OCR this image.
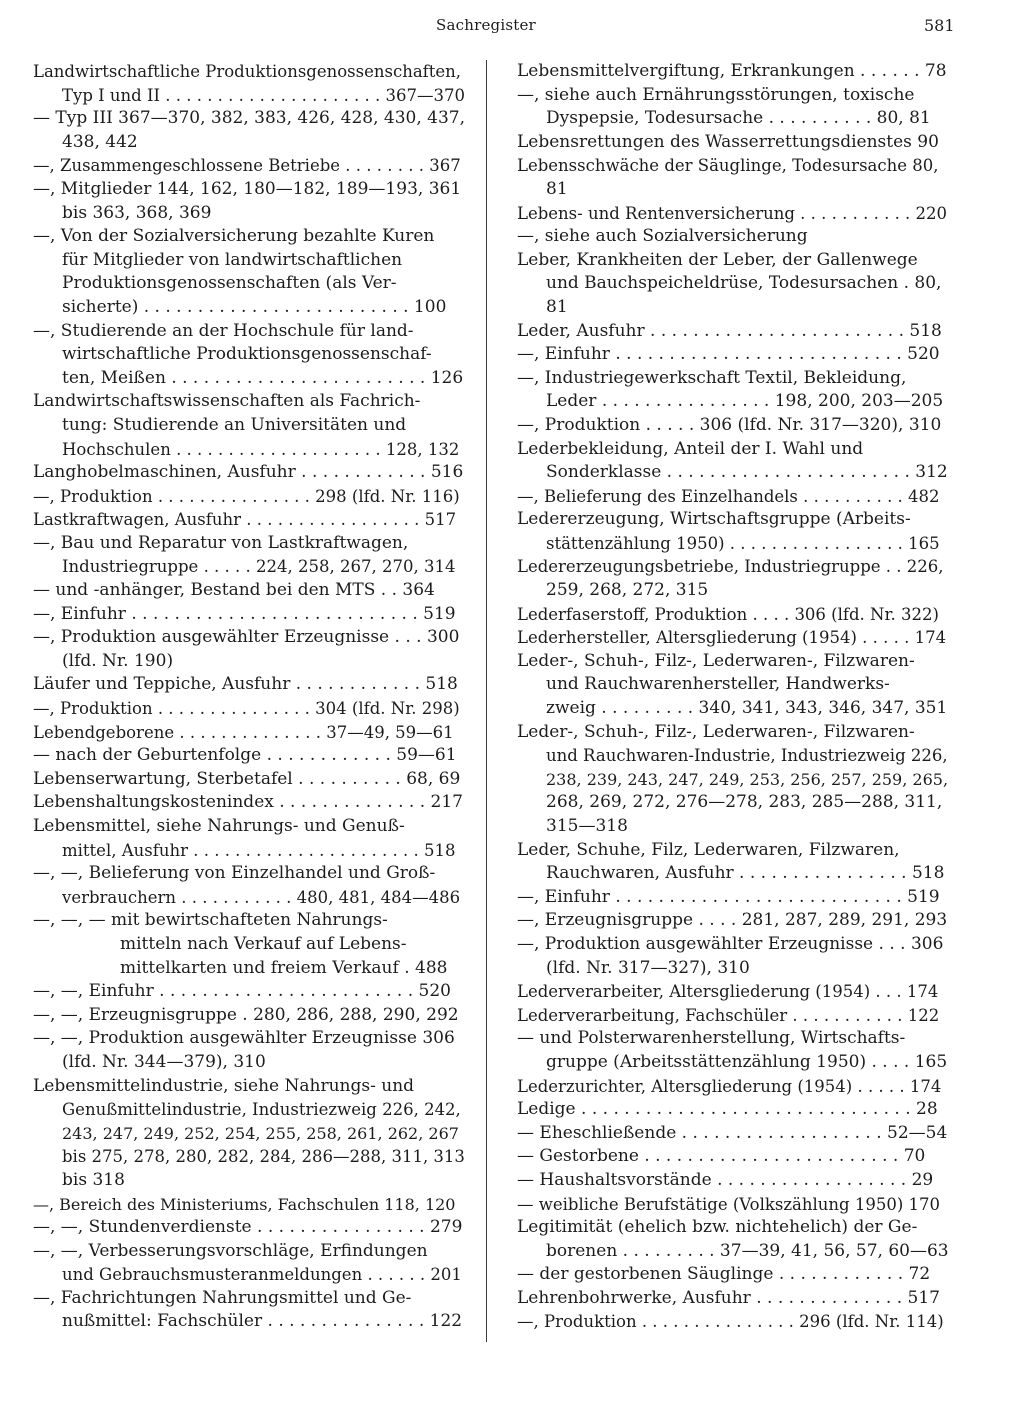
Sachregister	581
Landwirtschaftliche Produktionsgenossenschaften,
Typ I und II . . . . . . . . . . . . . . . . . . . . . 367—370
— Typ III 367—370, 382, 383, 426, 428, 430, 437,
438, 442
—, Zusammengeschlossene Betriebe . . . . . . . . 367
—, Mitglieder 144, 162, 180—182, 189—193, 361
bis 363, 368, 369
—, Von der Sozialversicherung bezahlte Kuren
für Mitglieder von landwirtschaftlichen
Produktionsgenossenschaften (als Ver-
sicherte) . . . . . . . . . . . . . . . . . . . . . . . . . 100
—, Studierende an der Hochschule für land-
wirtschaftliche Produktionsgenossenschaf-
ten, Meißen . . . . . . . . . . . . . . . . . . . . . . . . 126
Landwirtschaftswissenschaften als Fachrich-
tung: Studierende an Universitäten und
Hochschulen . . . . . . . . . . . . . . . . . . . . 128, 132
Langhobelmaschinen, Ausfuhr . . . . . . . . . . . . 516
—, Produktion . . . . . . . . . . . . . . . 298 (lfd. Nr. 116)
Lastkraftwagen, Ausfuhr . . . . . . . . . . . . . . . . . 517
—, Bau und Reparatur von Lastkraftwagen,
Industriegruppe . . . . . 224, 258, 267, 270, 314
— und -anhänger, Bestand bei den MTS . . 364
—, Einfuhr . . . . . . . . . . . . . . . . . . . . . . . . . . . 519
—, Produktion ausgewählter Erzeugnisse . . . 300
(lfd. Nr. 190)
Läufer und Teppiche, Ausfuhr . . . . . . . . . . . . 518
—, Produktion . . . . . . . . . . . . . . . 304 (lfd. Nr. 298)
Lebendgeborene . . . . . . . . . . . . . . 37—49, 59—61
— nach der Geburtenfolge . . . . . . . . . . . . 59—61
Lebenserwartung, Sterbetafel . . . . . . . . . . 68, 69
Lebenshaltungskostenindex . . . . . . . . . . . . . . 217
Lebensmittel, siehe Nahrungs- und Genuß-
mittel, Ausfuhr . . . . . . . . . . . . . . . . . . . . . . 518
—, —, Belieferung von Einzelhandel und Groß-
verbrauchern . . . . . . . . . . . 480, 481, 484—486
—, —, — mit bewirtschafteten Nahrungs-
mitteln nach Verkauf auf Lebens-
mittelkarten und freiem Verkauf . 488
—, —, Einfuhr . . . . . . . . . . . . . . . . . . . . . . . . 520
—, —, Erzeugnisgruppe . 280, 286, 288, 290, 292
—, —, Produktion ausgewählter Erzeugnisse 306
(lfd. Nr. 344—379), 310
Lebensmittelindustrie, siehe Nahrungs- und
Genußmittelindustrie, Industriezweig 226, 242,
243, 247, 249, 252, 254, 255, 258, 261, 262, 267
bis 275, 278, 280, 282, 284, 286—288, 311, 313
bis 318
—, Bereich des Ministeriums, Fachschulen 118, 120
—, —, Stundenverdienste . . . . . . . . . . . . . . . . 279
—, —, Verbesserungsvorschläge, Erfindungen
und Gebrauchsmusteranmeldungen . . . . . . 201
—, Fachrichtungen Nahrungsmittel und Ge-
nußmittel: Fachschüler . . . . . . . . . . . . . . . 122
Lebensmittelvergiftung, Erkrankungen . . . . . . 78
—, siehe auch Ernährungsstörungen, toxische
Dyspepsie, Todesursache . . . . . . . . . . 80, 81
Lebensrettungen des Wasserrettungsdienstes 90
Lebensschwäche der Säuglinge, Todesursache 80,
81
Lebens- und Rentenversicherung . . . . . . . . . . . 220
—, siehe auch Sozialversicherung
Leber, Krankheiten der Leber, der Gallenwege
und Bauchspeicheldrüse, Todesursachen . 80,
81
Leder, Ausfuhr . . . . . . . . . . . . . . . . . . . . . . . . 518
—, Einfuhr . . . . . . . . . . . . . . . . . . . . . . . . . . . 520
—, Industriegewerkschaft Textil, Bekleidung,
Leder . . . . . . . . . . . . . . . . 198, 200, 203—205
—, Produktion . . . . . 306 (lfd. Nr. 317—320), 310
Lederbekleidung, Anteil der I. Wahl und
Sonderklasse . . . . . . . . . . . . . . . . . . . . . . . 312
—, Belieferung des Einzelhandels . . . . . . . . . . 482
Ledererzeugung, Wirtschaftsgruppe (Arbeits-
stättenzählung 1950) . . . . . . . . . . . . . . . . . 165
Ledererzeugungsbetriebe, Industriegruppe . . 226,
259, 268, 272, 315
Lederfaserstoff, Produktion . . . . 306 (lfd. Nr. 322)
Lederhersteller, Altersgliederung (1954) . . . . . 174
Leder-, Schuh-, Filz-, Lederwaren-, Filzwaren-
und Rauchwarenhersteller, Handwerks-
zweig . . . . . . . . . 340, 341, 343, 346, 347, 351
Leder-, Schuh-, Filz-, Lederwaren-, Filzwaren-
und Rauchwaren-Industrie, Industriezweig 226,
238, 239, 243, 247, 249, 253, 256, 257, 259, 265,
268, 269, 272, 276—278, 283, 285—288, 311,
315—318
Leder, Schuhe, Filz, Lederwaren, Filzwaren,
Rauchwaren, Ausfuhr . . . . . . . . . . . . . . . . 518
—, Einfuhr . . . . . . . . . . . . . . . . . . . . . . . . . . . 519
—, Erzeugnisgruppe . . . . 281, 287, 289, 291, 293
—, Produktion ausgewählter Erzeugnisse . . . 306
(lfd. Nr. 317—327), 310
Lederverarbeiter, Altersgliederung (1954) . . . 174
Lederverarbeitung, Fachschüler . . . . . . . . . . . 122
— und Polsterwarenherstellung, Wirtschafts-
gruppe (Arbeitsstättenzählung 1950) . . . . 165
Lederzurichter, Altersgliederung (1954) . . . . . 174
Ledige . . . . . . . . . . . . . . . . . . . . . . . . . . . . . . . 28
— Eheschließende . . . . . . . . . . . . . . . . . . . 52—54
— Gestorbene . . . . . . . . . . . . . . . . . . . . . . . . 70
— Haushaltsvorstände . . . . . . . . . . . . . . . . . . 29
— weibliche Berufstätige (Volkszählung 1950) 170
Legitimität (ehelich bzw. nichtehelich) der Ge-
borenen . . . . . . . . . 37—39, 41, 56, 57, 60—63
— der gestorbenen Säuglinge . . . . . . . . . . . . 72
Lehrenbohrwerke, Ausfuhr . . . . . . . . . . . . . . 517
—, Produktion . . . . . . . . . . . . . . . 296 (lfd. Nr. 114)
